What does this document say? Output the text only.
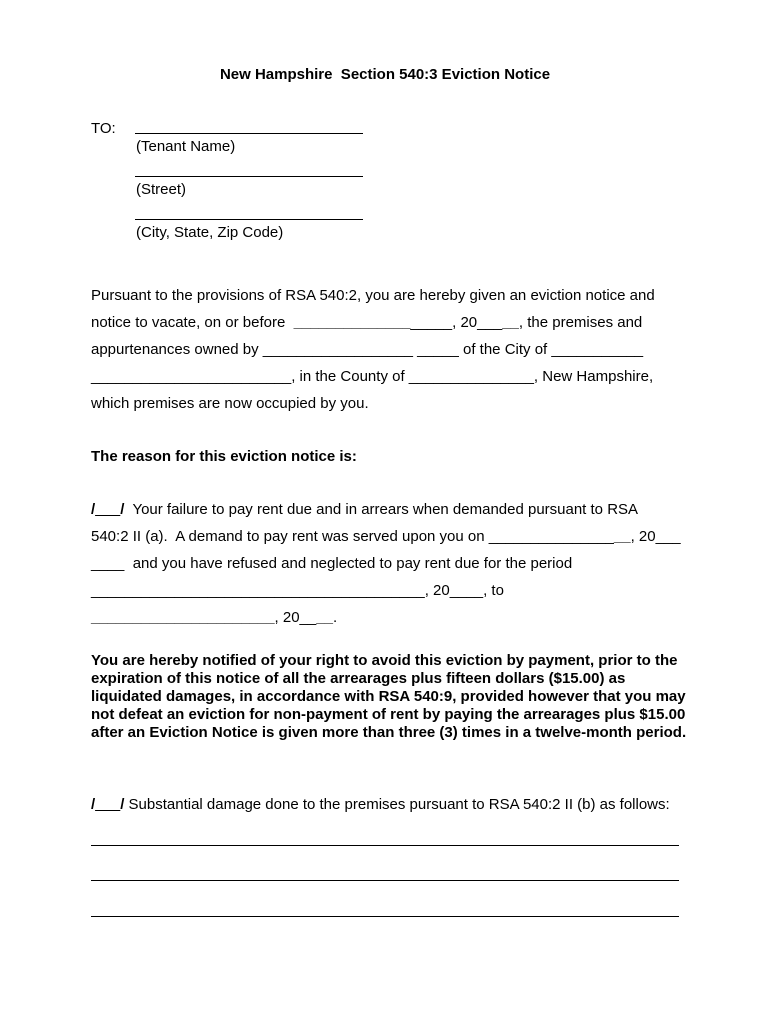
New Hampshire  Section 540:3 Eviction Notice
TO:
(Tenant Name)
(Street)
(City, State, Zip Code)
Pursuant to the provisions of RSA 540:2, you are hereby given an eviction notice and
notice to vacate, on or before  ___________________, 20_____, the premises and
appurtenances owned by __________________ _____ of the City of ___________
________________________, in the County of _______________, New Hampshire,
which premises are now occupied by you.
The reason for this eviction notice is:
/___/  Your failure to pay rent due and in arrears when demanded pursuant to RSA
540:2 II (a).  A demand to pay rent was served upon you on _________________, 20___
____  and you have refused and neglected to pay rent due for the period
________________________________________, 20____, to
______________________, 20____.
You are hereby notified of your right to avoid this eviction by payment, prior to the expiration of this notice of all the arrearages plus fifteen dollars ($15.00) as liquidated damages, in accordance with RSA 540:9, provided however that you may not defeat an eviction for non-payment of rent by paying the arrearages plus $15.00 after an Eviction Notice is given more than three (3) times in a twelve-month period.
/___/ Substantial damage done to the premises pursuant to RSA 540:2 II (b) as follows:
